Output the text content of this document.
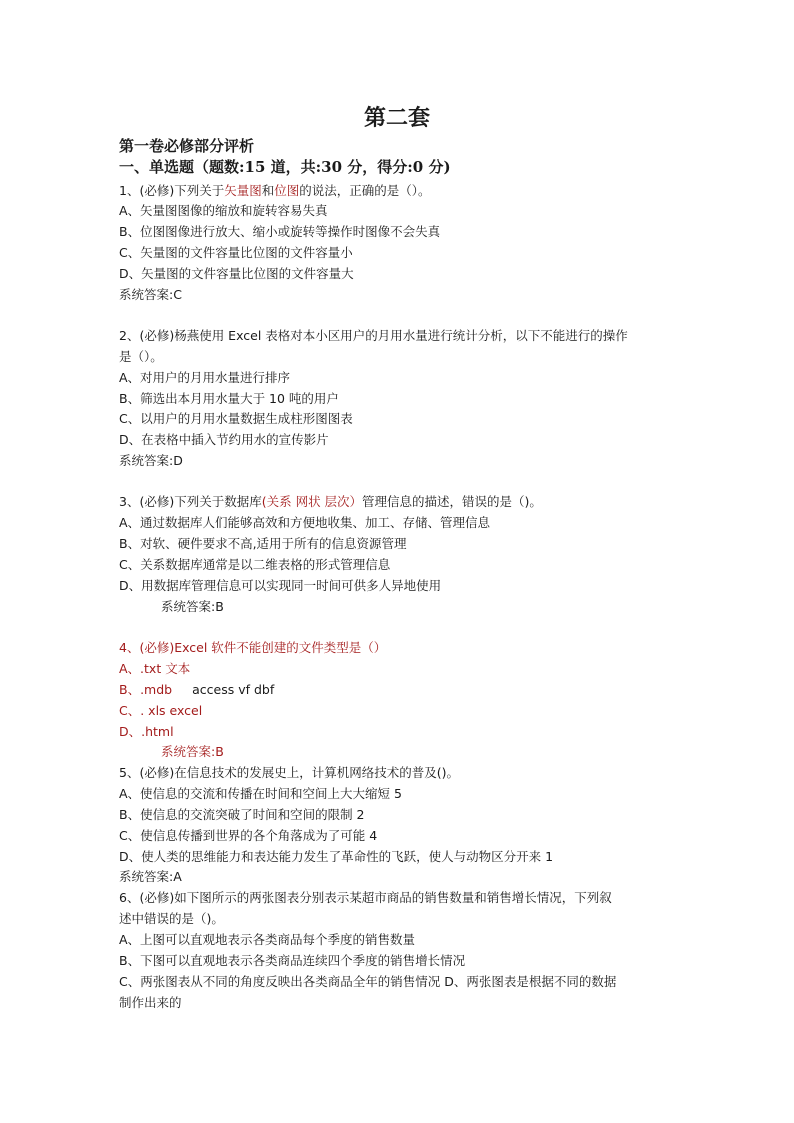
第二套
第一卷必修部分评析
一、单选题（题数:15 道，共:30 分，得分:0 分)
1、(必修)下列关于矢量图和位图的说法，正确的是（）。
A、矢量图图像的缩放和旋转容易失真
B、位图图像进行放大、缩小或旋转等操作时图像不会失真
C、矢量图的文件容量比位图的文件容量小
D、矢量图的文件容量比位图的文件容量大
系统答案:C
2、(必修)杨燕使用 Excel 表格对本小区用户的月用水量进行统计分析，以下不能进行的操作
是（）。
A、对用户的月用水量进行排序
B、筛选出本月用水量大于 10 吨的用户
C、以用户的月用水量数据生成柱形图图表
D、在表格中插入节约用水的宣传影片
系统答案:D
3、(必修)下列关于数据库(关系 网状 层次）管理信息的描述，错误的是（)。
A、通过数据库人们能够高效和方便地收集、加工、存储、管理信息
B、对软、硬件要求不高,适用于所有的信息资源管理
C、关系数据库通常是以二维表格的形式管理信息
D、用数据库管理信息可以实现同一时间可供多人异地使用
系统答案:B
4、(必修)Excel 软件不能创建的文件类型是（）
A、.txt 文本
B、.mdb access vf dbf
C、. xls excel
D、.html
系统答案:B
5、(必修)在信息技术的发展史上，计算机网络技术的普及()。
A、使信息的交流和传播在时间和空间上大大缩短 5
B、使信息的交流突破了时间和空间的限制 2
C、使信息传播到世界的各个角落成为了可能 4
D、使人类的思维能力和表达能力发生了革命性的飞跃，使人与动物区分开来 1
系统答案:A
6、(必修)如下图所示的两张图表分别表示某超市商品的销售数量和销售增长情况，下列叙
述中错误的是（)。
A、上图可以直观地表示各类商品每个季度的销售数量
B、下图可以直观地表示各类商品连续四个季度的销售增长情况
C、两张图表从不同的角度反映出各类商品全年的销售情况 D、两张图表是根据不同的数据
制作出来的
